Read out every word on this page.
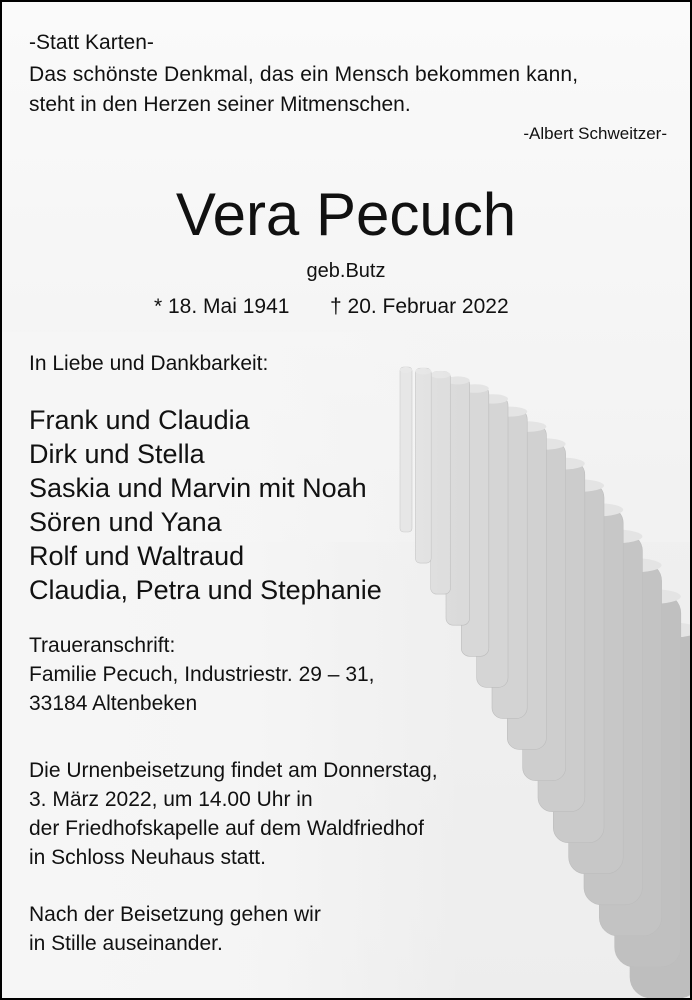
-Statt Karten-
Das schönste Denkmal, das ein Mensch bekommen kann,
steht in den Herzen seiner Mitmenschen.
-Albert Schweitzer-
Vera Pecuch
geb.Butz
* 18. Mai 1941 † 20. Februar 2022
In Liebe und Dankbarkeit:
Frank und Claudia
Dirk und Stella
Saskia und Marvin mit Noah
Sören und Yana
Rolf und Waltraud
Claudia, Petra und Stephanie
Traueranschrift:
Familie Pecuch, Industriestr. 29 – 31,
33184 Altenbeken
Die Urnenbeisetzung findet am Donnerstag,
3. März 2022, um 14.00 Uhr in
der Friedhofskapelle auf dem Waldfriedhof
in Schloss Neuhaus statt.
Nach der Beisetzung gehen wir
in Stille auseinander.
